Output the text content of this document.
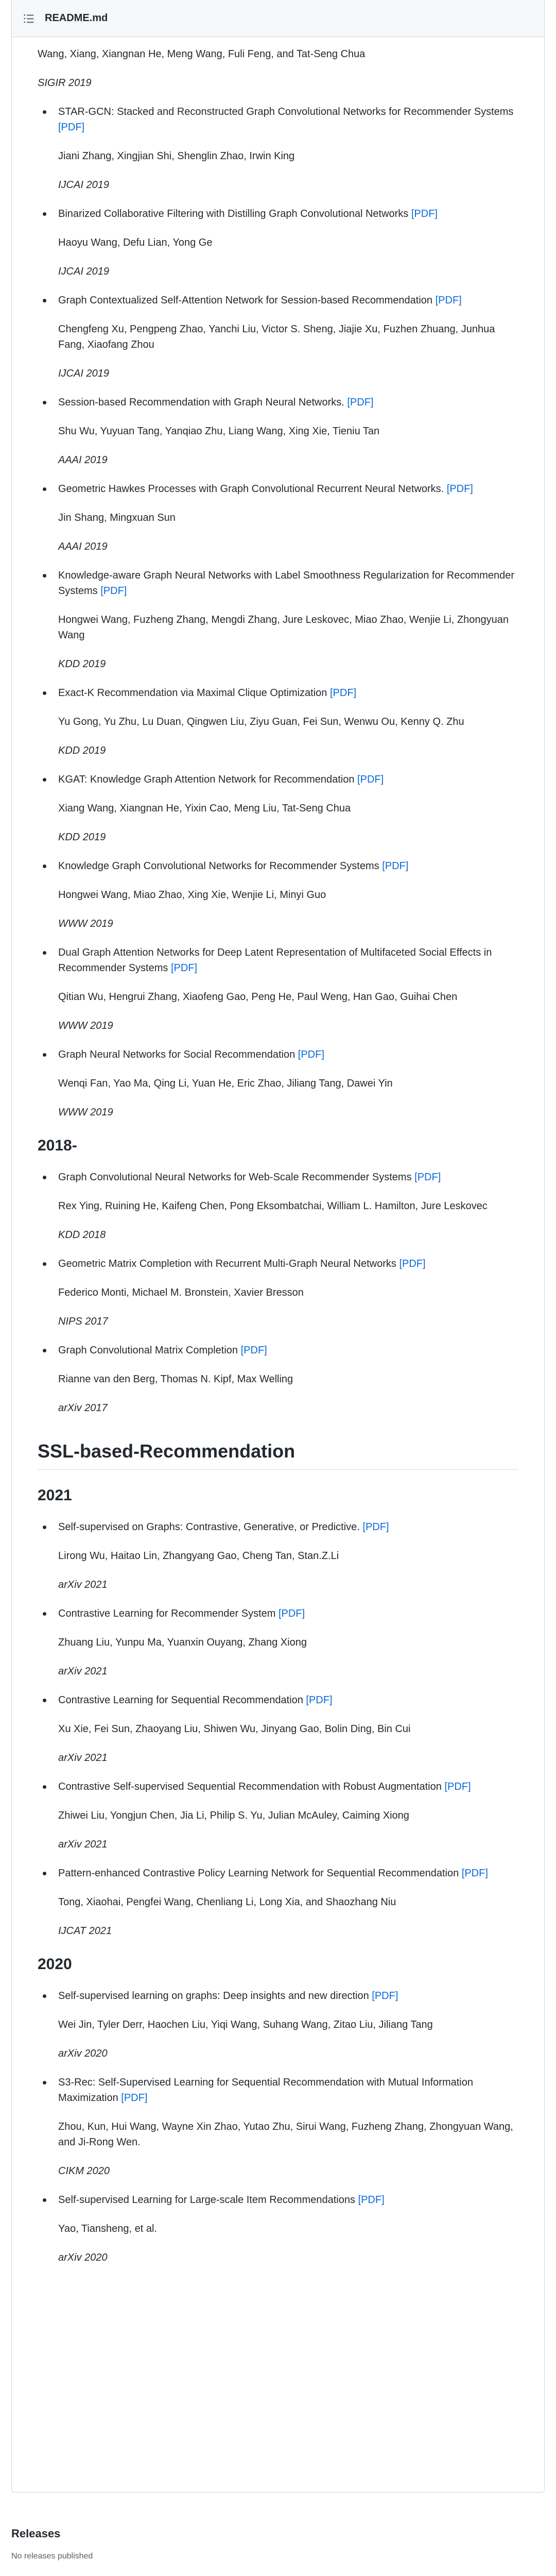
README.md
Wang, Xiang, Xiangnan He, Meng Wang, Fuli Feng, and Tat-Seng Chua
SIGIR 2019
STAR-GCN: Stacked and Reconstructed Graph Convolutional Networks for Recommender Systems [PDF]
Jiani Zhang, Xingjian Shi, Shenglin Zhao, Irwin King
IJCAI 2019
Binarized Collaborative Filtering with Distilling Graph Convolutional Networks [PDF]
Haoyu Wang, Defu Lian, Yong Ge
IJCAI 2019
Graph Contextualized Self-Attention Network for Session-based Recommendation [PDF]
Chengfeng Xu, Pengpeng Zhao, Yanchi Liu, Victor S. Sheng, Jiajie Xu, Fuzhen Zhuang, Junhua Fang, Xiaofang Zhou
IJCAI 2019
Session-based Recommendation with Graph Neural Networks. [PDF]
Shu Wu, Yuyuan Tang, Yanqiao Zhu, Liang Wang, Xing Xie, Tieniu Tan
AAAI 2019
Geometric Hawkes Processes with Graph Convolutional Recurrent Neural Networks. [PDF]
Jin Shang, Mingxuan Sun
AAAI 2019
Knowledge-aware Graph Neural Networks with Label Smoothness Regularization for Recommender Systems [PDF]
Hongwei Wang, Fuzheng Zhang, Mengdi Zhang, Jure Leskovec, Miao Zhao, Wenjie Li, Zhongyuan Wang
KDD 2019
Exact-K Recommendation via Maximal Clique Optimization [PDF]
Yu Gong, Yu Zhu, Lu Duan, Qingwen Liu, Ziyu Guan, Fei Sun, Wenwu Ou, Kenny Q. Zhu
KDD 2019
KGAT: Knowledge Graph Attention Network for Recommendation [PDF]
Xiang Wang, Xiangnan He, Yixin Cao, Meng Liu, Tat-Seng Chua
KDD 2019
Knowledge Graph Convolutional Networks for Recommender Systems [PDF]
Hongwei Wang, Miao Zhao, Xing Xie, Wenjie Li, Minyi Guo
WWW 2019
Dual Graph Attention Networks for Deep Latent Representation of Multifaceted Social Effects in Recommender Systems [PDF]
Qitian Wu, Hengrui Zhang, Xiaofeng Gao, Peng He, Paul Weng, Han Gao, Guihai Chen
WWW 2019
Graph Neural Networks for Social Recommendation [PDF]
Wenqi Fan, Yao Ma, Qing Li, Yuan He, Eric Zhao, Jiliang Tang, Dawei Yin
WWW 2019
2018-
Graph Convolutional Neural Networks for Web-Scale Recommender Systems [PDF]
Rex Ying, Ruining He, Kaifeng Chen, Pong Eksombatchai, William L. Hamilton, Jure Leskovec
KDD 2018
Geometric Matrix Completion with Recurrent Multi-Graph Neural Networks [PDF]
Federico Monti, Michael M. Bronstein, Xavier Bresson
NIPS 2017
Graph Convolutional Matrix Completion [PDF]
Rianne van den Berg, Thomas N. Kipf, Max Welling
arXiv 2017
SSL-based-Recommendation
2021
Self-supervised on Graphs: Contrastive, Generative, or Predictive. [PDF]
Lirong Wu, Haitao Lin, Zhangyang Gao, Cheng Tan, Stan.Z.Li
arXiv 2021
Contrastive Learning for Recommender System [PDF]
Zhuang Liu, Yunpu Ma, Yuanxin Ouyang, Zhang Xiong
arXiv 2021
Contrastive Learning for Sequential Recommendation [PDF]
Xu Xie, Fei Sun, Zhaoyang Liu, Shiwen Wu, Jinyang Gao, Bolin Ding, Bin Cui
arXiv 2021
Contrastive Self-supervised Sequential Recommendation with Robust Augmentation [PDF]
Zhiwei Liu, Yongjun Chen, Jia Li, Philip S. Yu, Julian McAuley, Caiming Xiong
arXiv 2021
Pattern-enhanced Contrastive Policy Learning Network for Sequential Recommendation [PDF]
Tong, Xiaohai, Pengfei Wang, Chenliang Li, Long Xia, and Shaozhang Niu
IJCAT 2021
2020
Self-supervised learning on graphs: Deep insights and new direction [PDF]
Wei Jin, Tyler Derr, Haochen Liu, Yiqi Wang, Suhang Wang, Zitao Liu, Jiliang Tang
arXiv 2020
S3-Rec: Self-Supervised Learning for Sequential Recommendation with Mutual Information Maximization [PDF]
Zhou, Kun, Hui Wang, Wayne Xin Zhao, Yutao Zhu, Sirui Wang, Fuzheng Zhang, Zhongyuan Wang, and Ji-Rong Wen.
CIKM 2020
Self-supervised Learning for Large-scale Item Recommendations [PDF]
Yao, Tiansheng, et al.
arXiv 2020
Releases
No releases published
